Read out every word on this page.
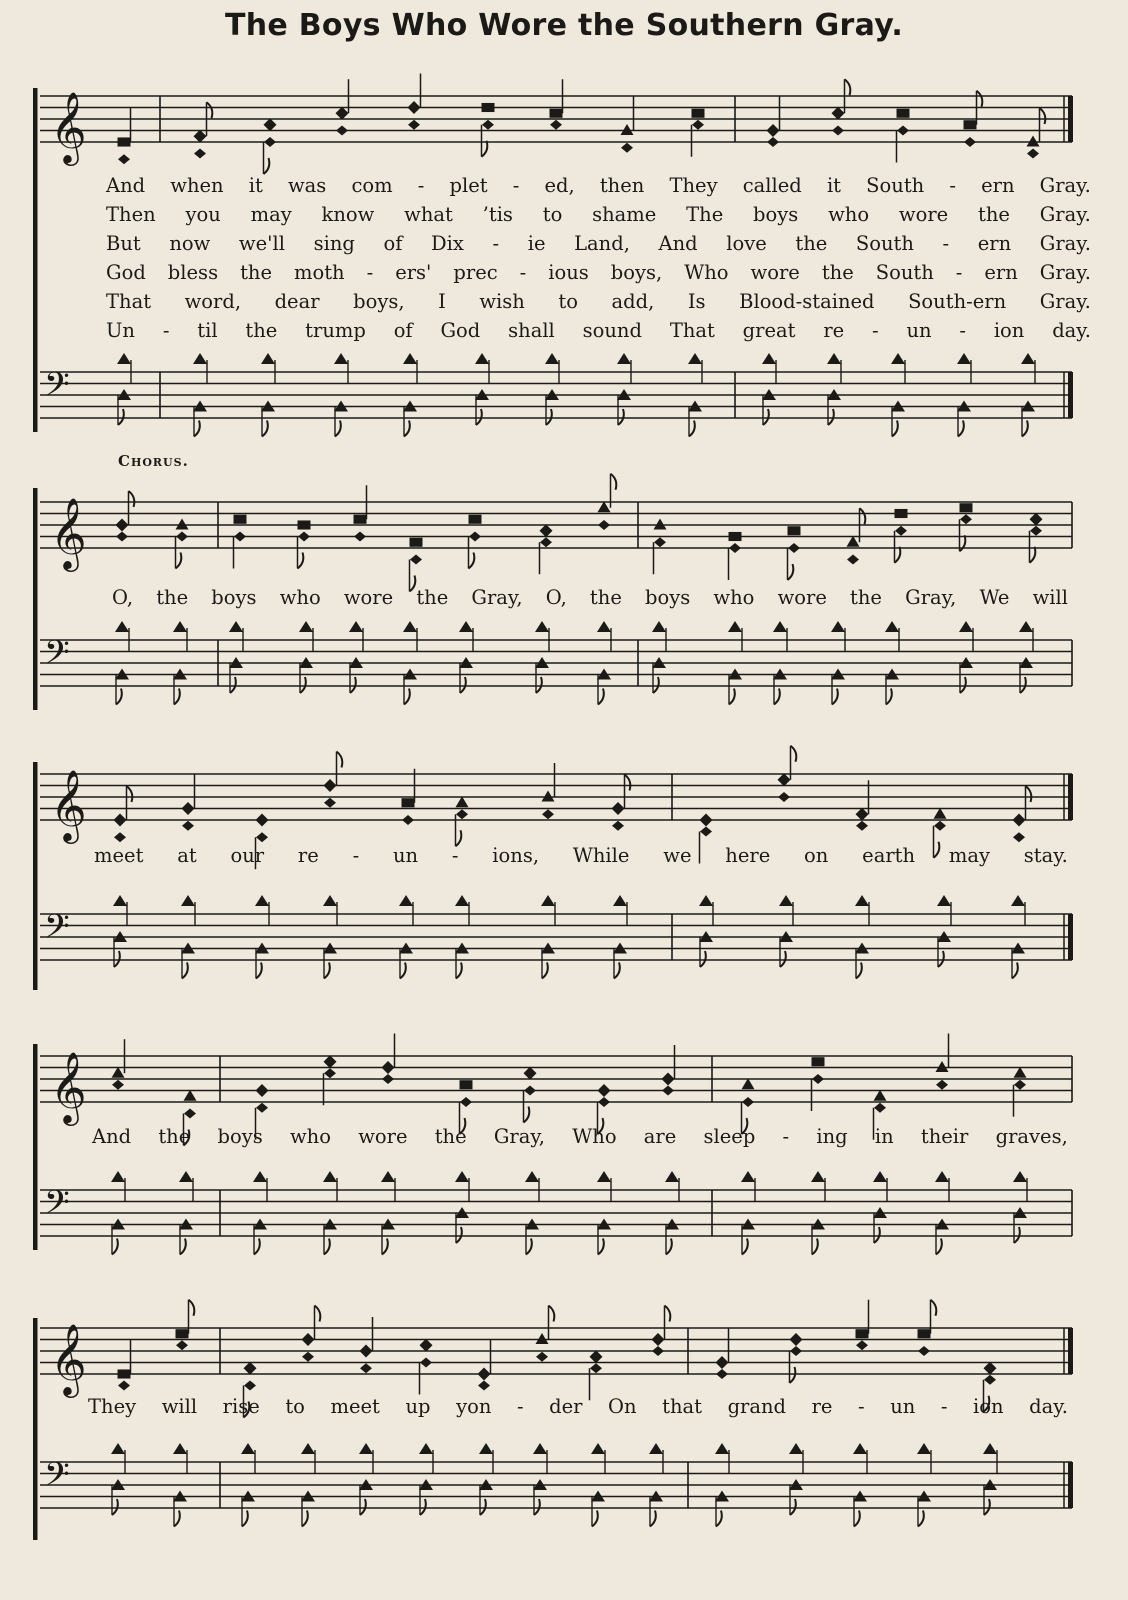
The Boys Who Wore the Southern Gray.
𝄞
𝄢
𝄞
𝄢
𝄞
𝄢
𝄞
𝄢
𝄞
𝄢
Chorus.
And when it was com - plet - ed, then They called it South - ern Gray.
Then you may know what ’tis to shame The boys who wore the Gray.
But now we'll sing of Dix - ie Land, And love the South - ern Gray.
God bless the moth - ers' prec - ious boys, Who wore the South - ern Gray.
That word, dear boys, I wish to add, Is Blood-stained South-ern Gray.
Un - til the trump of God shall sound That great re - un - ion day.
O, the boys who wore the Gray, O, the boys who wore the Gray, We will
meet at our re - un - ions, While we here on earth may stay.
And the boys who wore the Gray, Who are sleep - ing in their graves,
They will rise to meet up yon - der On that grand re - un - ion day.
